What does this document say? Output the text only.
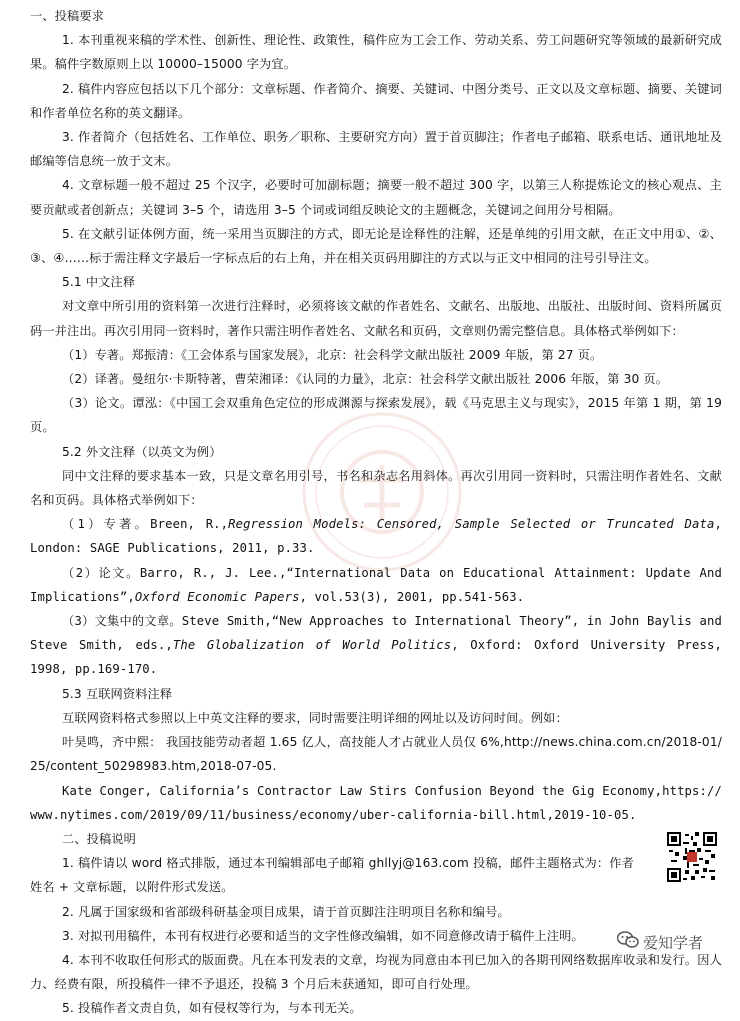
一、投稿要求
1. 本刊重视来稿的学术性、创新性、理论性、政策性，稿件应为工会工作、劳动关系、劳工问题研究等领域的最新研究成果。稿件字数原则上以 10000–15000 字为宜。
2. 稿件内容应包括以下几个部分：文章标题、作者简介、摘要、关键词、中图分类号、正文以及文章标题、摘要、关键词和作者单位名称的英文翻译。
3. 作者简介（包括姓名、工作单位、职务／职称、主要研究方向）置于首页脚注；作者电子邮箱、联系电话、通讯地址及邮编等信息统一放于文末。
4. 文章标题一般不超过 25 个汉字，必要时可加副标题；摘要一般不超过 300 字，以第三人称提炼论文的核心观点、主要贡献或者创新点；关键词 3–5 个，请选用 3–5 个词或词组反映论文的主题概念，关键词之间用分号相隔。
5. 在文献引证体例方面，统一采用当页脚注的方式，即无论是诠释性的注解，还是单纯的引用文献，在正文中用①、②、③、④……标于需注释文字最后一字标点后的右上角，并在相关页码用脚注的方式以与正文中相同的注号引导注文。
5.1 中文注释
对文章中所引用的资料第一次进行注释时，必须将该文献的作者姓名、文献名、出版地、出版社、出版时间、资料所属页码一并注出。再次引用同一资料时，著作只需注明作者姓名、文献名和页码，文章则仍需完整信息。具体格式举例如下：
（1）专著。郑振清：《工会体系与国家发展》，北京：社会科学文献出版社 2009 年版，第 27 页。
（2）译著。曼纽尔·卡斯特著，曹荣湘译：《认同的力量》，北京：社会科学文献出版社 2006 年版，第 30 页。
（3）论文。谭泓：《中国工会双重角色定位的形成渊源与探索发展》，载《马克思主义与现实》，2015 年第 1 期，第 19 页。
5.2 外文注释（以英文为例）
同中文注释的要求基本一致，只是文章名用引号，书名和杂志名用斜体。再次引用同一资料时，只需注明作者姓名、文献名和页码。具体格式举例如下：
（1）专著。Breen, R.,Regression Models: Censored, Sample Selected or Truncated Data, London: SAGE Publications, 2011, p.33.
（2）论文。Barro, R., J. Lee.,“International Data on Educational Attainment: Update And Implications”,Oxford Economic Papers, vol.53(3), 2001, pp.541-563.
（3）文集中的文章。Steve Smith,“New Approaches to International Theory”, in John Baylis and Steve Smith, eds.,The Globalization of World Politics, Oxford: Oxford University Press, 1998, pp.169-170.
5.3 互联网资料注释
互联网资料格式参照以上中英文注释的要求，同时需要注明详细的网址以及访问时间。例如：
叶昊鸣，齐中熙： 我国技能劳动者超 1.65 亿人，高技能人才占就业人员仅 6%,http://news.china.com.cn/2018-01/25/content_50298983.htm,2018-07-05.
Kate Conger, California’s Contractor Law Stirs Confusion Beyond the Gig Economy,https://www.nytimes.com/2019/09/11/business/economy/uber-california-bill.html,2019-10-05.
二、投稿说明
1. 稿件请以 word 格式排版，通过本刊编辑部电子邮箱 ghllyj@163.com 投稿，邮件主题格式为：作者姓名 + 文章标题，以附件形式发送。
2. 凡属于国家级和省部级科研基金项目成果，请于首页脚注注明项目名称和编号。
3. 对拟刊用稿件，本刊有权进行必要和适当的文字性修改编辑，如不同意修改请于稿件上注明。
4. 本刊不收取任何形式的版面费。凡在本刊发表的文章，均视为同意由本刊已加入的各期刊网络数据库收录和发行。因人力、经费有限，所投稿件一律不予退还，投稿 3 个月后未获通知，即可自行处理。
5. 投稿作者文责自负，如有侵权等行为，与本刊无关。
爱知学者
